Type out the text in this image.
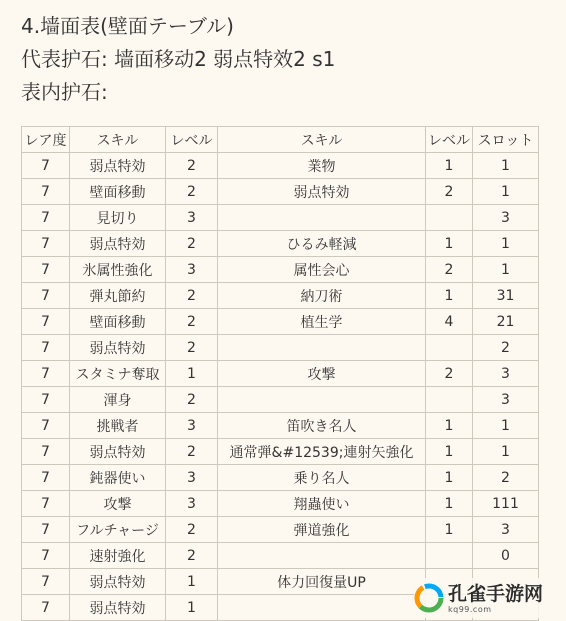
4.墙面表(壁面テーブル)
代表护石: 墙面移动2 弱点特效2 s1
表内护石:
レア度	スキル	レベル	スキル	レベル	スロット
7	弱点特効	2	業物	1	1
7	壁面移動	2	弱点特効	2	1
7	見切り	3			3
7	弱点特効	2	ひるみ軽減	1	1
7	氷属性強化	3	属性会心	2	1
7	弾丸節約	2	納刀術	1	31
7	壁面移動	2	植生学	4	21
7	弱点特効	2			2
7	スタミナ奪取	1	攻撃	2	3
7	渾身	2			3
7	挑戦者	3	笛吹き名人	1	1
7	弱点特効	2	通常弾&#12539;連射矢強化	1	1
7	鈍器使い	3	乗り名人	1	2
7	攻撃	3	翔蟲使い	1	111
7	フルチャージ	2	弾道強化	1	3
7	速射強化	2			0
7	弱点特効	1	体力回復量UP		
7	弱点特効	1			
孔雀手游网
kq99.com
